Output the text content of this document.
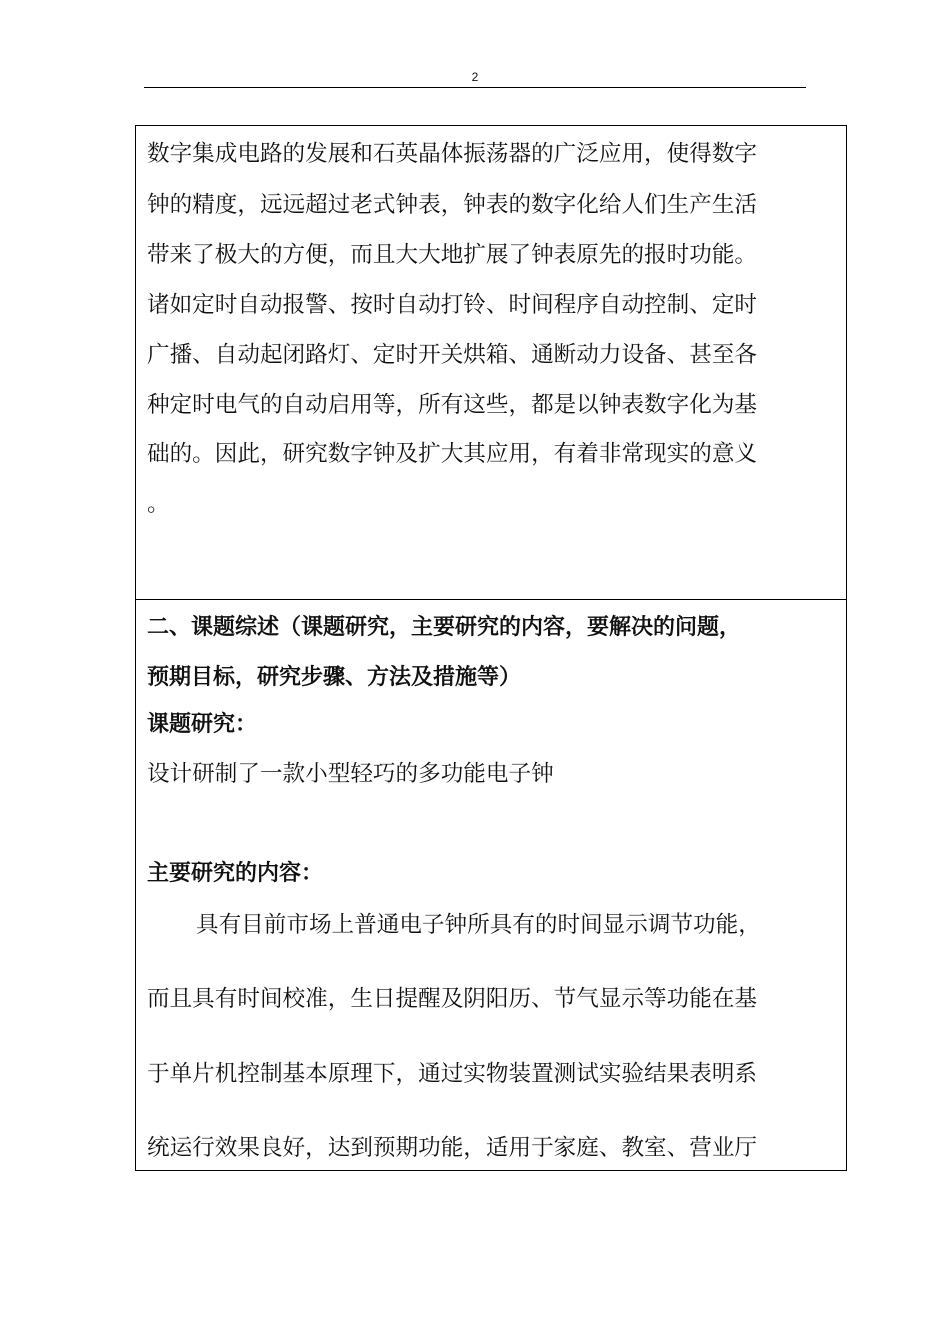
2
数字集成电路的发展和石英晶体振荡器的广泛应用，使得数字
钟的精度，远远超过老式钟表，钟表的数字化给人们生产生活
带来了极大的方便，而且大大地扩展了钟表原先的报时功能。
诸如定时自动报警、按时自动打铃、时间程序自动控制、定时
广播、自动起闭路灯、定时开关烘箱、通断动力设备、甚至各
种定时电气的自动启用等，所有这些，都是以钟表数字化为基
础的。因此，研究数字钟及扩大其应用，有着非常现实的意义
。
二、课题综述（课题研究，主要研究的内容，要解决的问题，
预期目标，研究步骤、方法及措施等）
课题研究：
设计研制了一款小型轻巧的多功能电子钟
主要研究的内容：
具有目前市场上普通电子钟所具有的时间显示调节功能，
而且具有时间校准，生日提醒及阴阳历、节气显示等功能在基
于单片机控制基本原理下，通过实物装置测试实验结果表明系
统运行效果良好，达到预期功能，适用于家庭、教室、营业厅
